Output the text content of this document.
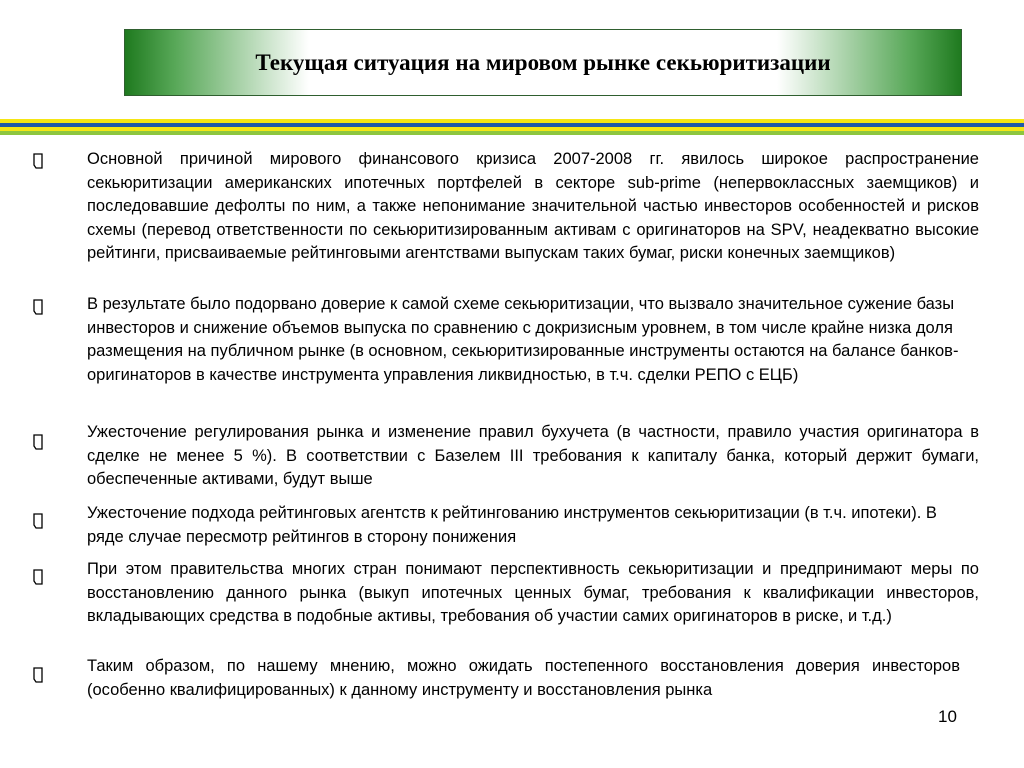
Текущая ситуация на мировом рынке секьюритизации

Основной причиной мирового финансового кризиса 2007-2008 гг. явилось широкое распространение секьюритизации американских ипотечных портфелей в секторе sub-prime (непервоклассных заемщиков) и последовавшие дефолты по ним, а также непонимание значительной частью инвесторов особенностей и рисков схемы (перевод ответственности по секьюритизированным активам с оригинаторов на SPV, неадекватно высокие рейтинги, присваиваемые рейтинговыми агентствами выпускам таких бумаг, риски конечных заемщиков)

В результате было подорвано доверие к самой схеме секьюритизации, что вызвало значительное сужение базы инвесторов и снижение объемов выпуска по сравнению с докризисным уровнем, в том числе крайне низка доля размещения на публичном рынке (в основном, секьюритизированные инструменты остаются на балансе банков-оригинаторов в качестве инструмента управления ликвидностью, в т.ч. сделки РЕПО с ЕЦБ)

Ужесточение регулирования рынка и изменение правил бухучета (в частности, правило участия оригинатора в сделке не менее 5 %). В соответствии с Базелем III требования к капиталу банка, который держит бумаги, обеспеченные активами, будут выше

Ужесточение подхода рейтинговых агентств к рейтингованию инструментов секьюритизации (в т.ч. ипотеки). В ряде случае пересмотр рейтингов в сторону понижения

При этом правительства многих стран понимают перспективность секьюритизации и предпринимают меры по восстановлению данного рынка (выкуп ипотечных ценных бумаг, требования к квалификации инвесторов, вкладывающих средства в подобные активы, требования об участии самих оригинаторов в риске, и т.д.)

Таким образом, по нашему мнению, можно ожидать постепенного восстановления доверия инвесторов (особенно квалифицированных) к данному инструменту и восстановления рынка

10
